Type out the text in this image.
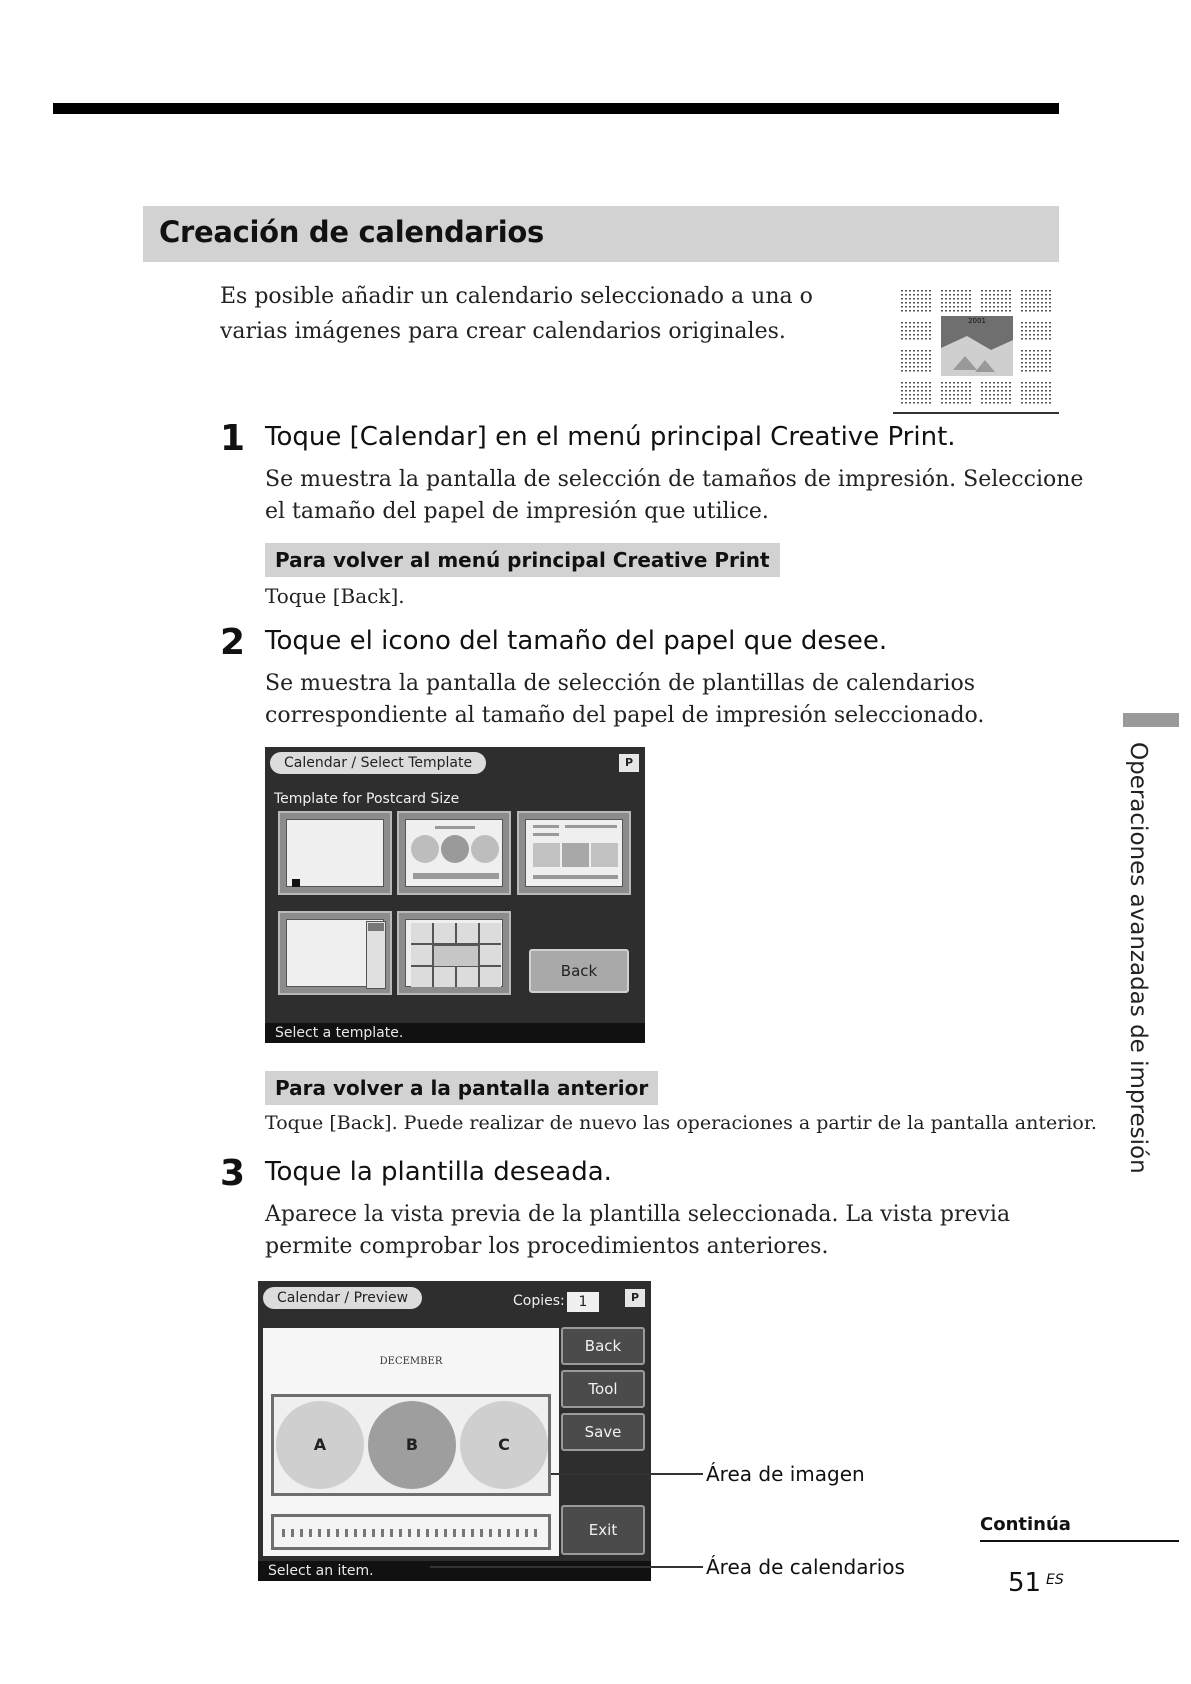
Creación de calendarios

Es posible añadir un calendario seleccionado a una o varias imágenes para crear calendarios originales.	2001
1 Toque [Calendar] en el menú principal Creative Print.
Se muestra la pantalla de selección de tamaños de impresión. Seleccione el tamaño del papel de impresión que utilice.
Para volver al menú principal Creative Print
Toque [Back].
2 Toque el icono del tamaño del papel que desee.
Se muestra la pantalla de selección de plantillas de calendarios correspondiente al tamaño del papel de impresión seleccionado.
Calendar / Select Template	P
Template for Postcard Size
Back
Select a template.
Para volver a la pantalla anterior
Toque [Back]. Puede realizar de nuevo las operaciones a partir de la pantalla anterior.
3 Toque la plantilla deseada.
Aparece la vista previa de la plantilla seleccionada. La vista previa permite comprobar los procedimientos anteriores.
Calendar / Preview	Copies: 1	P
DECEMBER
A	B	C
Back
Tool
Save
Exit
Select an item.
Área de imagen
Área de calendarios
Operaciones avanzadas de impresión
Continúa
51 ES
